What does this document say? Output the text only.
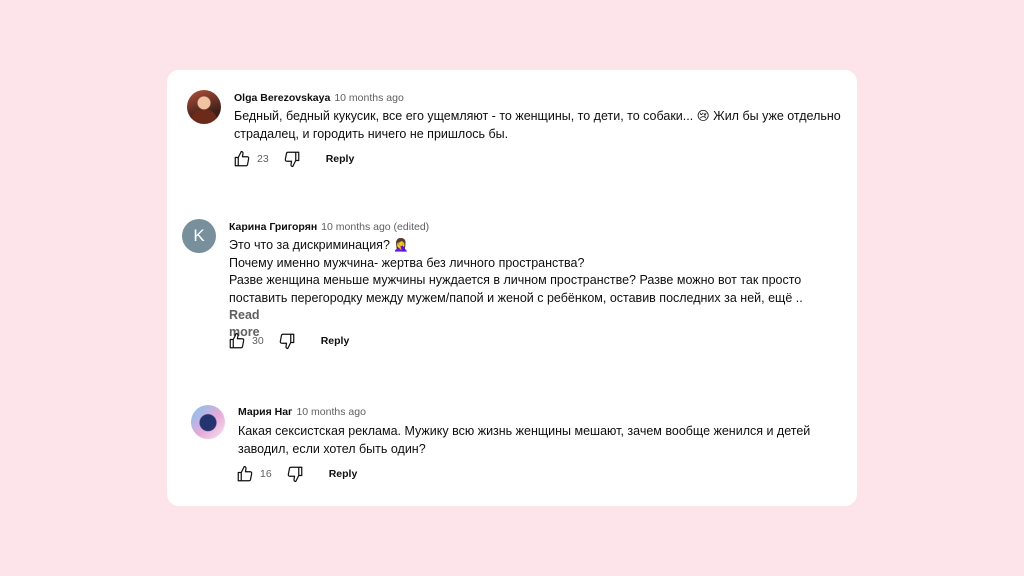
Olga Berezovskaya 10 months ago
Бедный, бедный кукусик, все его ущемляют - то женщины, то дети, то собаки... 😢 Жил бы уже отдельно
страдалец, и городить ничего не пришлось бы.
23	Reply
K Карина Григорян 10 months ago (edited)
Это что за дискриминация? 🤦‍♀️
Почему именно мужчина- жертва без личного пространства?
Разве женщина меньше мужчины нуждается в личном пространстве? Разве можно вот так просто
поставить перегородку между мужем/папой и женой с ребёнком, оставив последних за ней, ещё ..
Read more
30	Reply
Мария Наг 10 months ago
Какая сексистская реклама. Мужику всю жизнь женщины мешают, зачем вообще женился и детей
заводил, если хотел быть один?
16	Reply
